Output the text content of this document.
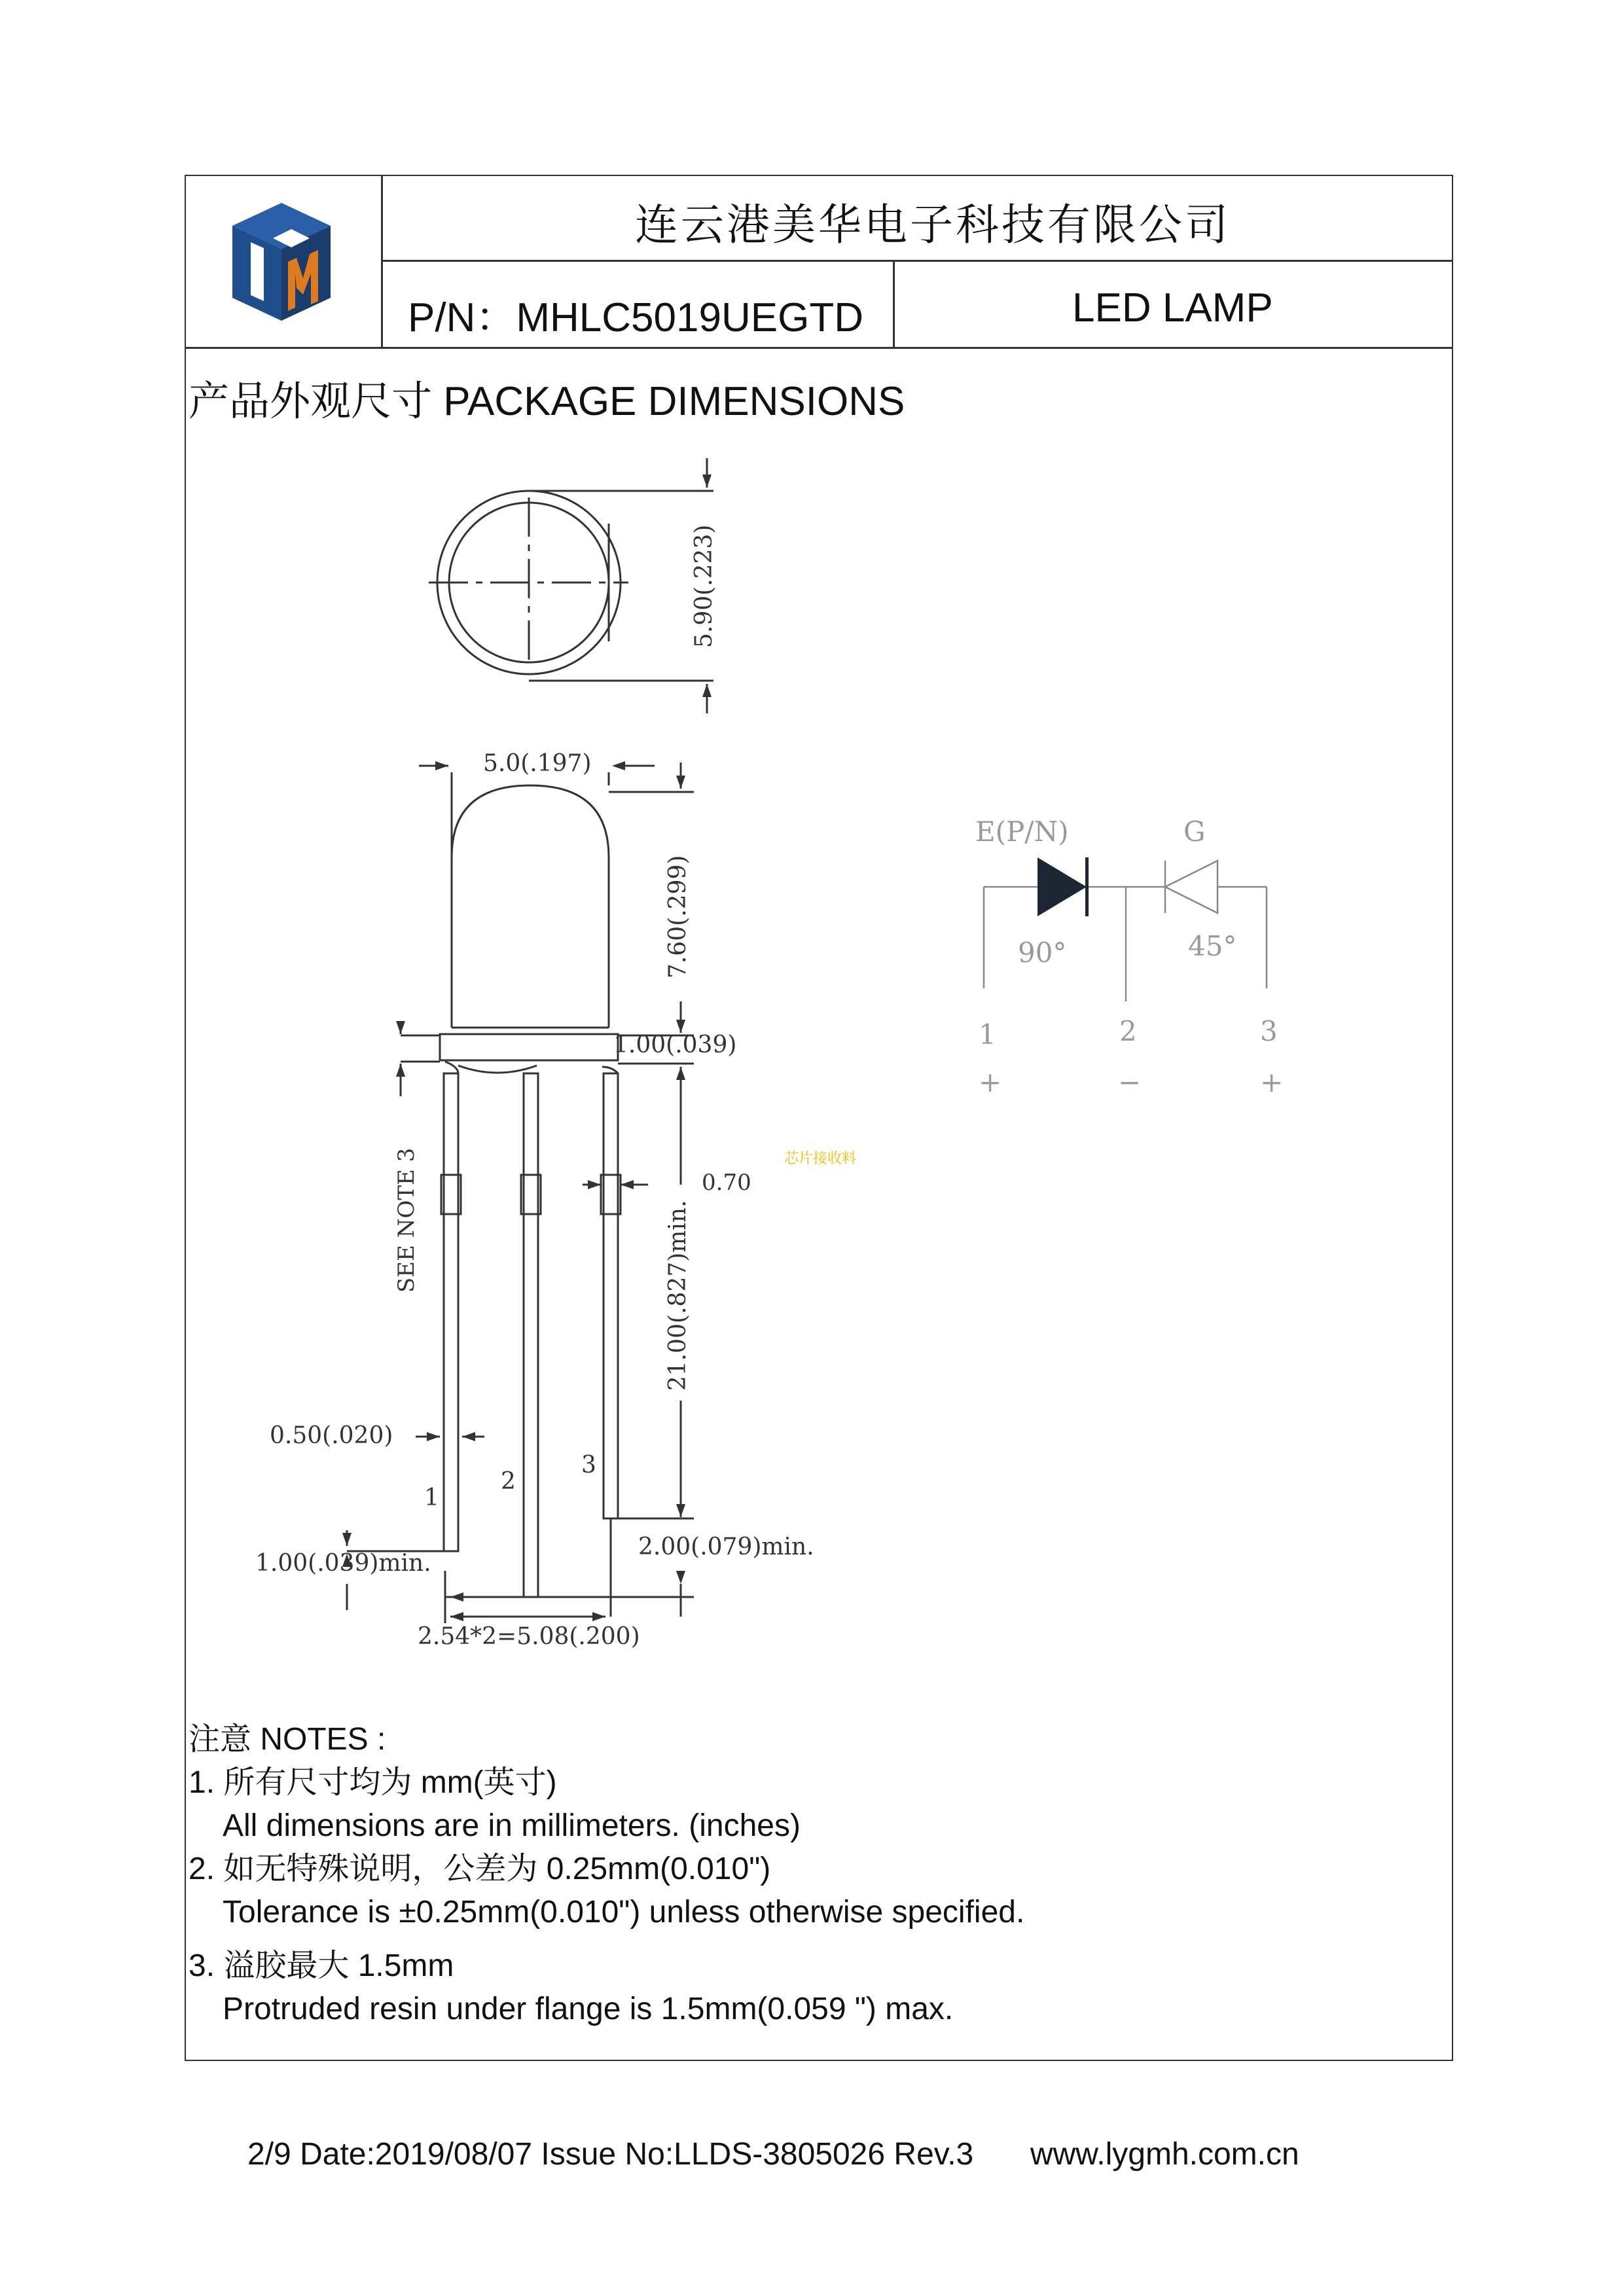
连云港美华电子科技有限公司
P/N：MHLC5019UEGTD	LED LAMP
产品外观尺寸 PACKAGE DIMENSIONS
5.90(.223)
5.0(.197)
7.60(.299)
1.00(.039)
0.70
SEE NOTE 3	21.00(.827)min.
0.50(.020)
1
2
3
1.00(.039)min.
2.00(.079)min.
2.54*2=5.08(.200)
E(P/N)	G
90°	45°
1	2	3
+	−	+
芯片接收料
注意 NOTES :
1. 所有尺寸均为 mm(英寸)
All dimensions are in millimeters. (inches)
2. 如无特殊说明，公差为 0.25mm(0.010")
Tolerance is ±0.25mm(0.010") unless otherwise specified.
3. 溢胶最大 1.5mm
Protruded resin under flange is 1.5mm(0.059 ") max.
2/9 Date:2019/08/07 Issue No:LLDS-3805026 Rev.3 www.lygmh.com.cn
